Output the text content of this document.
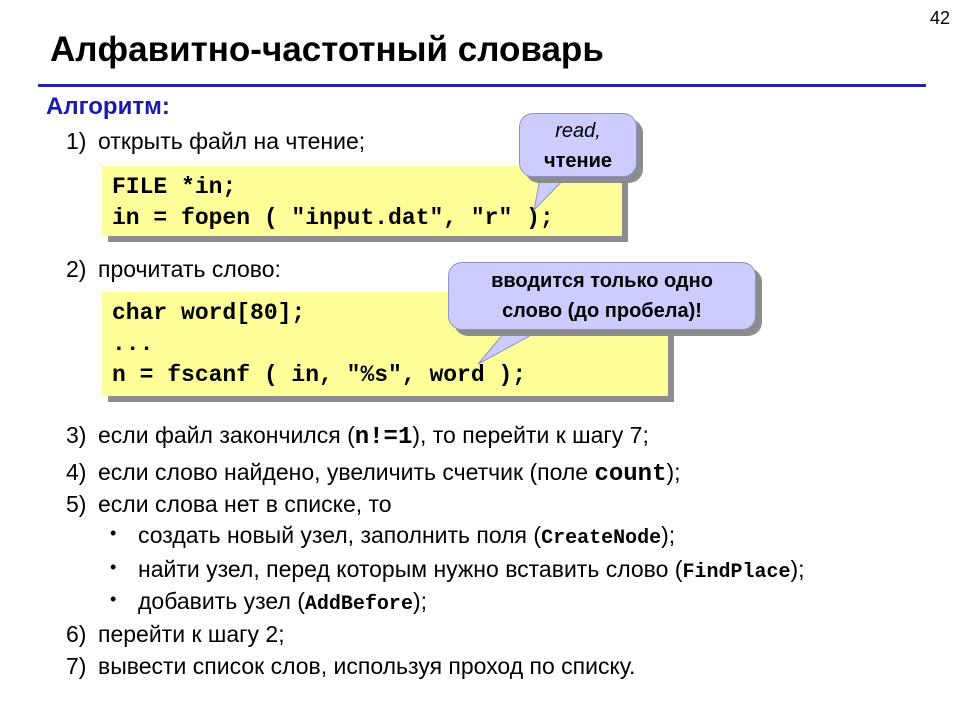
42
Алфавитно-частотный словарь
Алгоритм:
1) открыть файл на чтение;
FILE *in;
in = fopen ( "input.dat", "r" );
read,
чтение
2) прочитать слово:
char word[80];
...
n = fscanf ( in, "%s", word );
вводится только одно
слово (до пробела)!
3) если файл закончился (n!=1), то перейти к шагу 7;
4) если слово найдено, увеличить счетчик (поле count);
5) если слова нет в списке, то
• создать новый узел, заполнить поля (CreateNode);
• найти узел, перед которым нужно вставить слово (FindPlace);
• добавить узел (AddBefore);
6) перейти к шагу 2;
7) вывести список слов, используя проход по списку.
